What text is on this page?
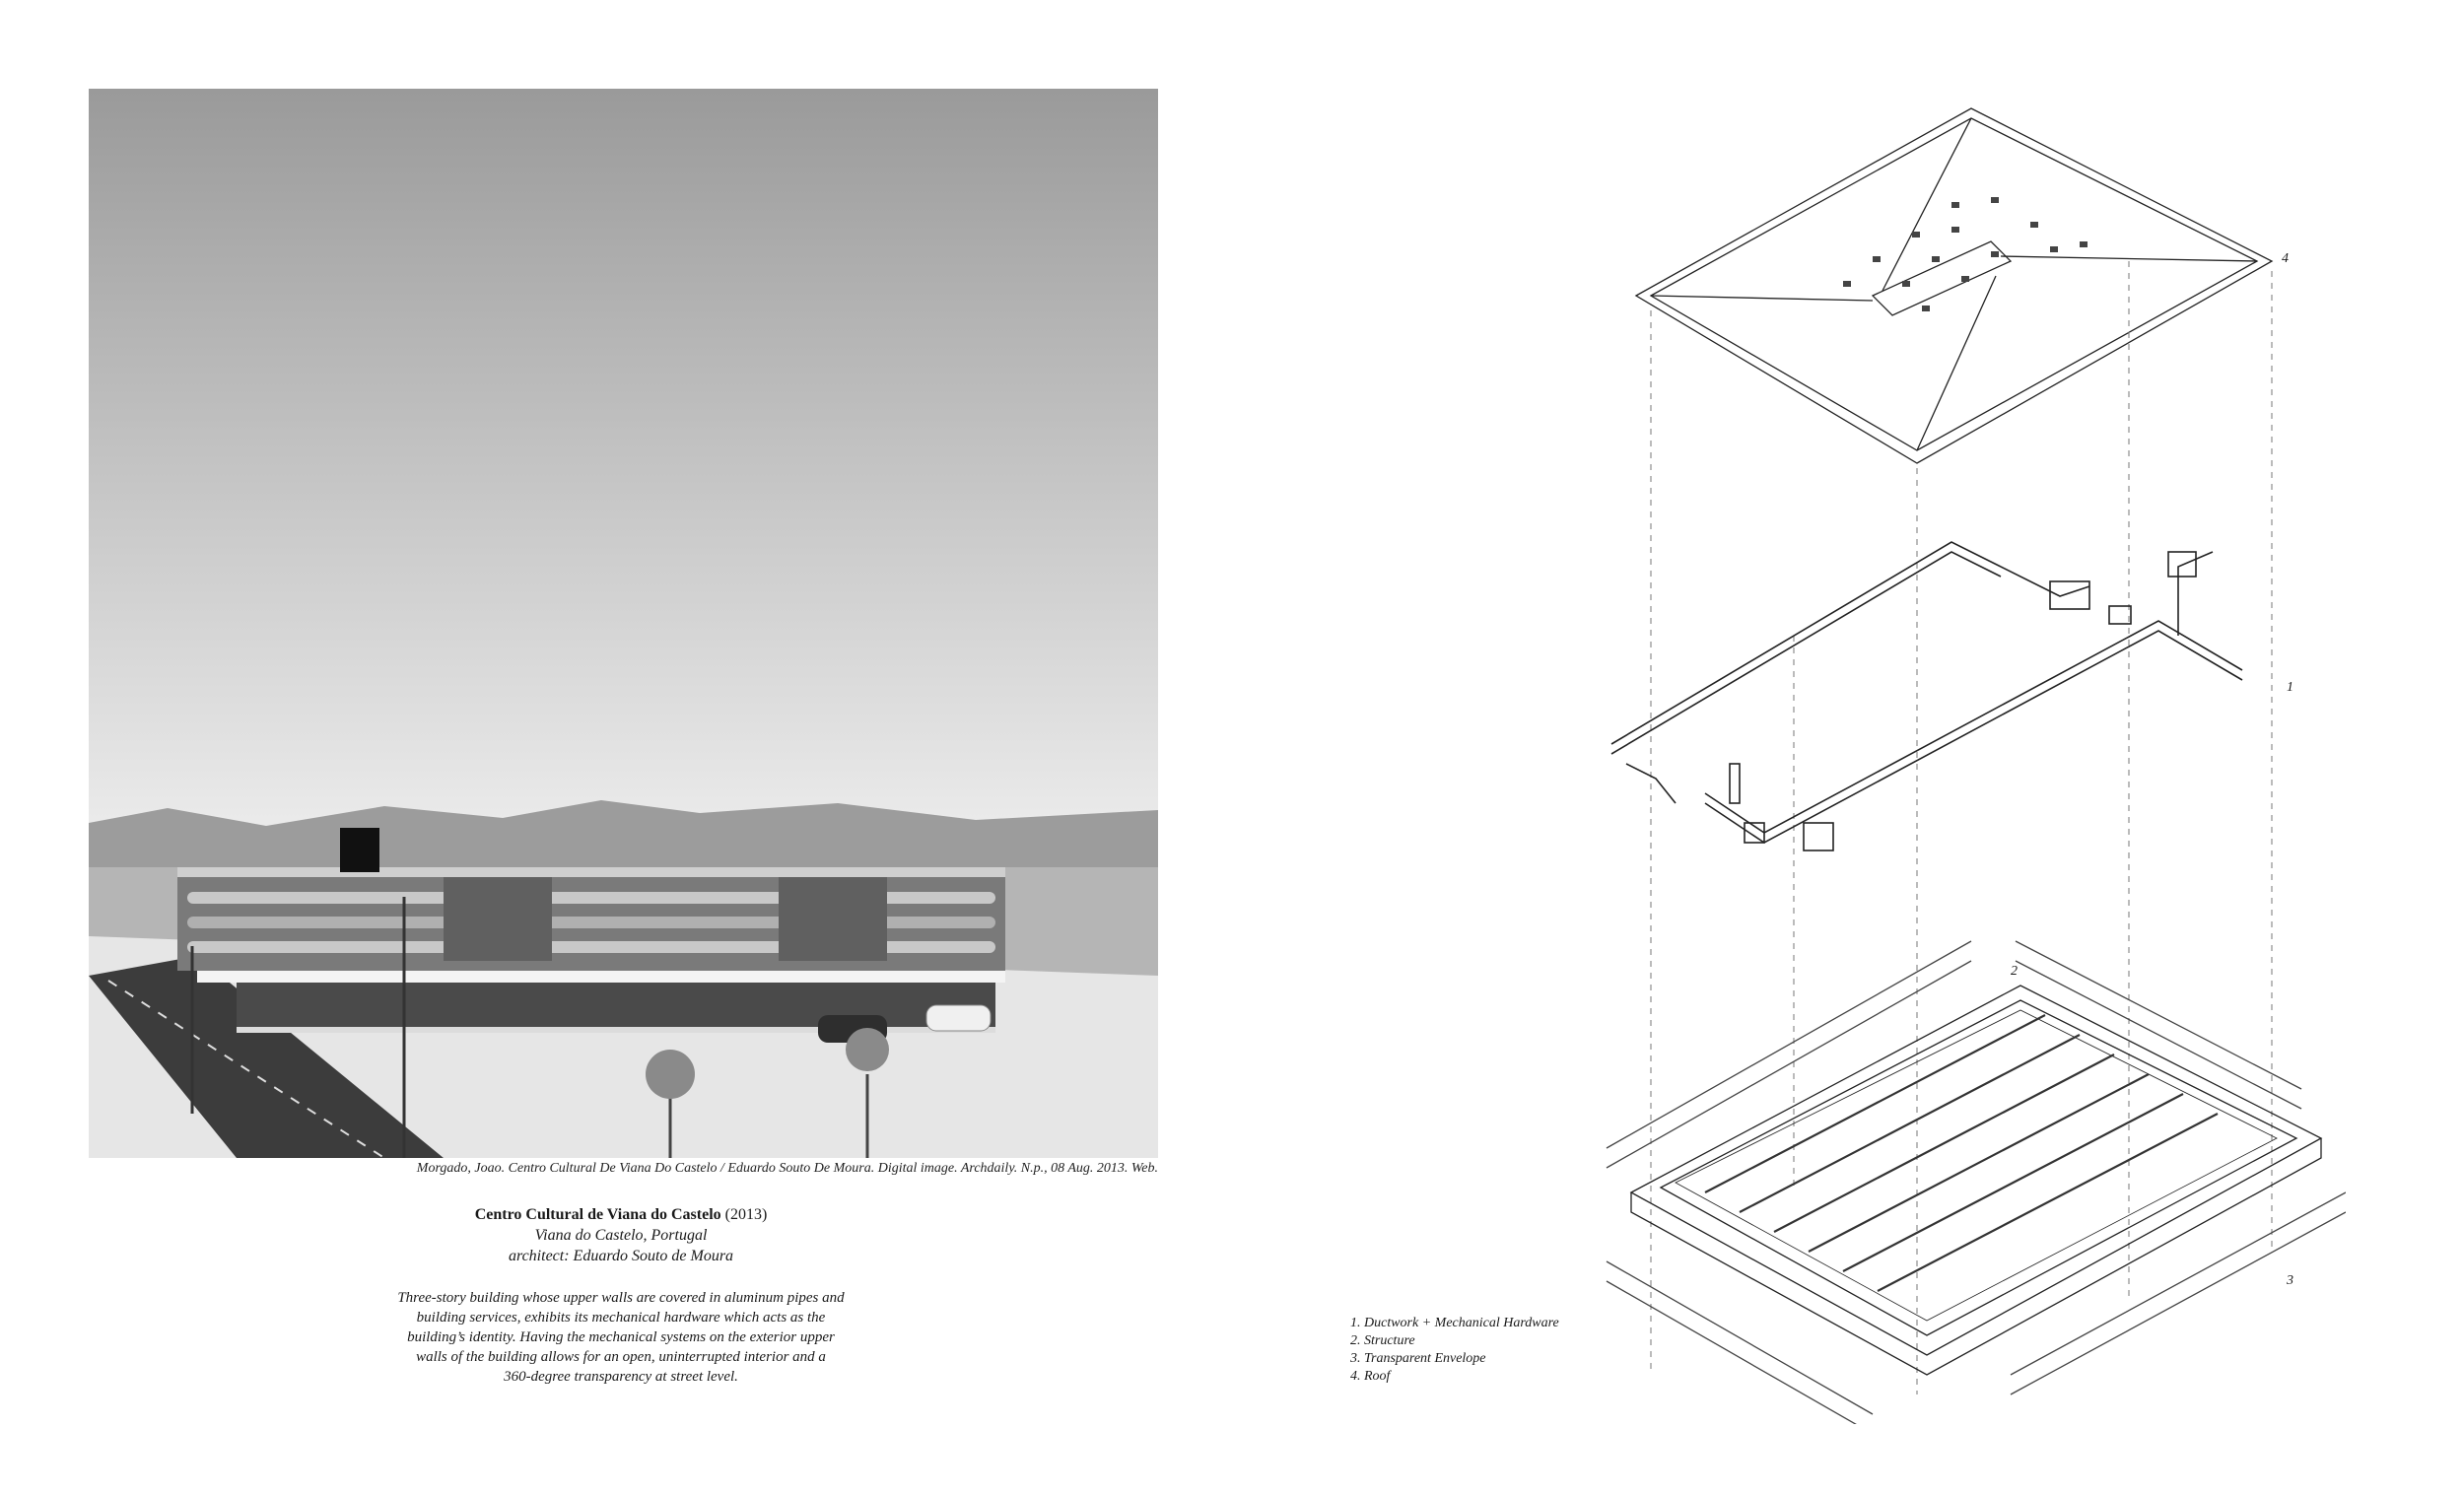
Morgado, Joao. Centro Cultural De Viana Do Castelo / Eduardo Souto De Moura. Digital image. Archdaily. N.p., 08 Aug. 2013. Web.
Centro Cultural de Viana do Castelo (2013)
Viana do Castelo, Portugal
architect: Eduardo Souto de Moura
Three-story building whose upper walls are covered in aluminum pipes and
building services, exhibits its mechanical hardware which acts as the
building’s identity. Having the mechanical systems on the exterior upper
walls of the building allows for an open, uninterrupted interior and a
360-degree transparency at street level.
4
1
2
3
1. Ductwork + Mechanical Hardware
2. Structure
3. Transparent Envelope
4. Roof
